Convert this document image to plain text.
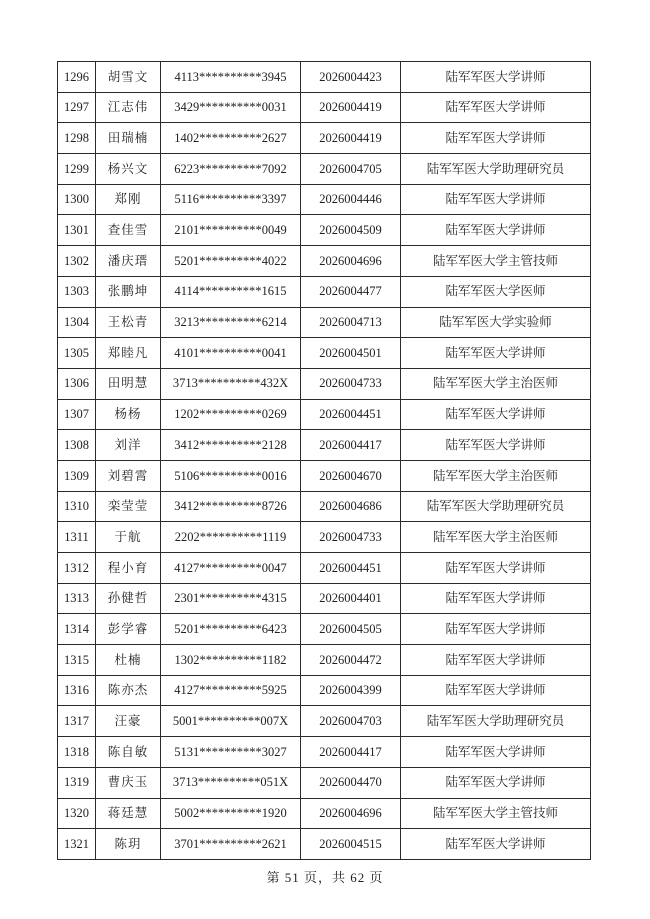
1296	胡雪文	4113**********3945	2026004423	陆军军医大学讲师
1297	江志伟	3429**********0031	2026004419	陆军军医大学讲师
1298	田瑞楠	1402**********2627	2026004419	陆军军医大学讲师
1299	杨兴文	6223**********7092	2026004705	陆军军医大学助理研究员
1300	郑刚	5116**********3397	2026004446	陆军军医大学讲师
1301	查佳雪	2101**********0049	2026004509	陆军军医大学讲师
1302	潘庆瑨	5201**********4022	2026004696	陆军军医大学主管技师
1303	张鹏坤	4114**********1615	2026004477	陆军军医大学医师
1304	王松青	3213**********6214	2026004713	陆军军医大学实验师
1305	郑睦凡	4101**********0041	2026004501	陆军军医大学讲师
1306	田明慧	3713**********432X	2026004733	陆军军医大学主治医师
1307	杨杨	1202**********0269	2026004451	陆军军医大学讲师
1308	刘洋	3412**********2128	2026004417	陆军军医大学讲师
1309	刘碧霄	5106**********0016	2026004670	陆军军医大学主治医师
1310	栾莹莹	3412**********8726	2026004686	陆军军医大学助理研究员
1311	于航	2202**********1119	2026004733	陆军军医大学主治医师
1312	程小育	4127**********0047	2026004451	陆军军医大学讲师
1313	孙健哲	2301**********4315	2026004401	陆军军医大学讲师
1314	彭学睿	5201**********6423	2026004505	陆军军医大学讲师
1315	杜楠	1302**********1182	2026004472	陆军军医大学讲师
1316	陈亦杰	4127**********5925	2026004399	陆军军医大学讲师
1317	汪豪	5001**********007X	2026004703	陆军军医大学助理研究员
1318	陈自敏	5131**********3027	2026004417	陆军军医大学讲师
1319	曹庆玉	3713**********051X	2026004470	陆军军医大学讲师
1320	蒋廷慧	5002**********1920	2026004696	陆军军医大学主管技师
1321	陈玥	3701**********2621	2026004515	陆军军医大学讲师
第 51 页，共 62 页
